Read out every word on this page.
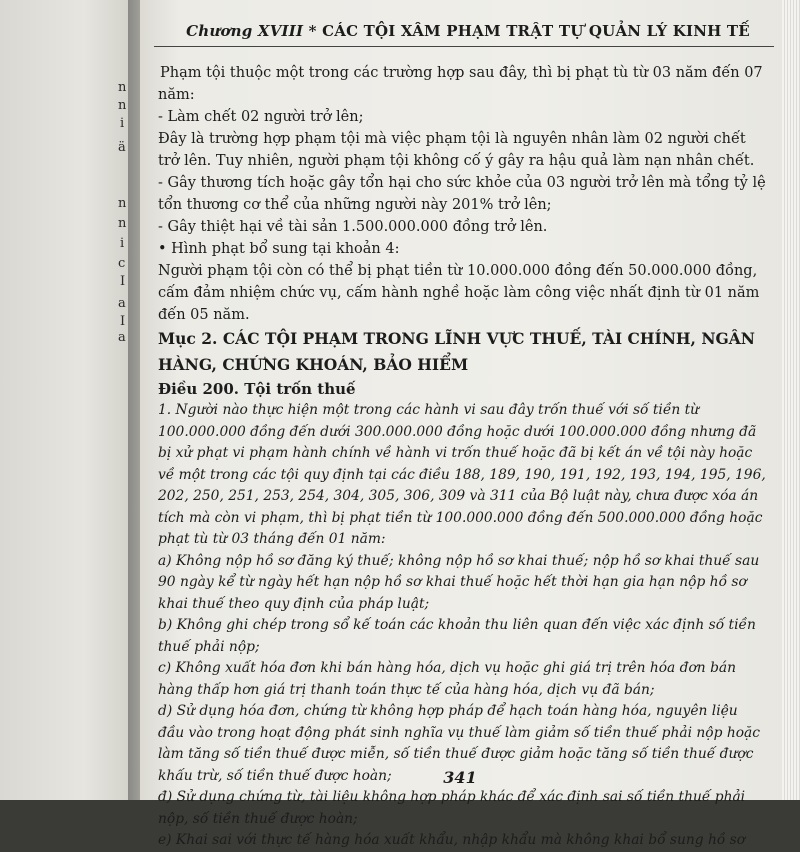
n
n
i
ä
n
n
i
c
I
a
I
a
Chương XVIII * CÁC TỘI XÂM PHẠM TRẬT TỰ QUẢN LÝ KINH TẾ

Phạm tội thuộc một trong các trường hợp sau đây, thì bị phạt tù từ 03 năm đến 07 năm:

- Làm chết 02 người trở lên;

Đây là trường hợp phạm tội mà việc phạm tội là nguyên nhân làm 02 người chết trở lên. Tuy nhiên, người phạm tội không cố ý gây ra hậu quả làm nạn nhân chết.

- Gây thương tích hoặc gây tổn hại cho sức khỏe của 03 người trở lên mà tổng tỷ lệ tổn thương cơ thể của những người này 201% trở lên;

- Gây thiệt hại về tài sản 1.500.000.000 đồng trở lên.

• Hình phạt bổ sung tại khoản 4:

Người phạm tội còn có thể bị phạt tiền từ 10.000.000 đồng đến 50.000.000 đồng, cấm đảm nhiệm chức vụ, cấm hành nghề hoặc làm công việc nhất định từ 01 năm đến 05 năm.

Mục 2. CÁC TỘI PHẠM TRONG LĨNH VỰC THUẾ, TÀI CHÍNH, NGÂN HÀNG, CHỨNG KHOÁN, BẢO HIỂM

Điều 200. Tội trốn thuế

1. Người nào thực hiện một trong các hành vi sau đây trốn thuế với số tiền từ 100.000.000 đồng đến dưới 300.000.000 đồng hoặc dưới 100.000.000 đồng nhưng đã bị xử phạt vi phạm hành chính về hành vi trốn thuế hoặc đã bị kết án về tội này hoặc về một trong các tội quy định tại các điều 188, 189, 190, 191, 192, 193, 194, 195, 196, 202, 250, 251, 253, 254, 304, 305, 306, 309 và 311 của Bộ luật này, chưa được xóa án tích mà còn vi phạm, thì bị phạt tiền từ 100.000.000 đồng đến 500.000.000 đồng hoặc phạt tù từ 03 tháng đến 01 năm:

a) Không nộp hồ sơ đăng ký thuế; không nộp hồ sơ khai thuế; nộp hồ sơ khai thuế sau 90 ngày kể từ ngày hết hạn nộp hồ sơ khai thuế hoặc hết thời hạn gia hạn nộp hồ sơ khai thuế theo quy định của pháp luật;

b) Không ghi chép trong sổ kế toán các khoản thu liên quan đến việc xác định số tiền thuế phải nộp;

c) Không xuất hóa đơn khi bán hàng hóa, dịch vụ hoặc ghi giá trị trên hóa đơn bán hàng thấp hơn giá trị thanh toán thực tế của hàng hóa, dịch vụ đã bán;

d) Sử dụng hóa đơn, chứng từ không hợp pháp để hạch toán hàng hóa, nguyên liệu đầu vào trong hoạt động phát sinh nghĩa vụ thuế làm giảm số tiền thuế phải nộp hoặc làm tăng số tiền thuế được miễn, số tiền thuế được giảm hoặc tăng số tiền thuế được khấu trừ, số tiền thuế được hoàn;

đ) Sử dụng chứng từ, tài liệu không hợp pháp khác để xác định sai số tiền thuế phải nộp, số tiền thuế được hoàn;

e) Khai sai với thực tế hàng hóa xuất khẩu, nhập khẩu mà không khai bổ sung hồ sơ

341
